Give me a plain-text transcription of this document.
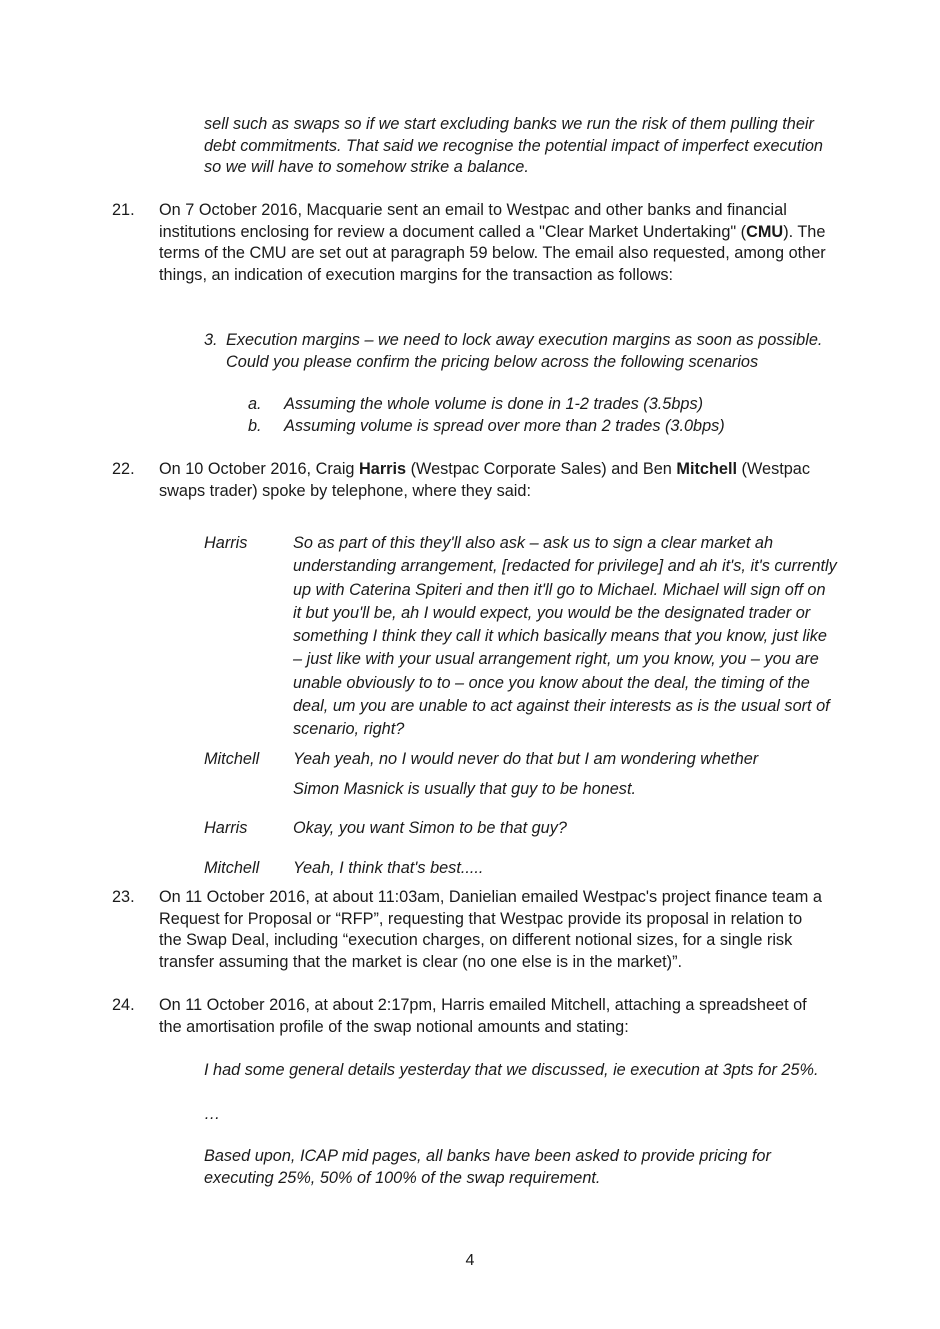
sell such as swaps so if we start excluding banks we run the risk of them pulling their debt commitments. That said we recognise the potential impact of imperfect execution so we will have to somehow strike a balance.
21.	On 7 October 2016, Macquarie sent an email to Westpac and other banks and financial institutions enclosing for review a document called a "Clear Market Undertaking" (CMU). The terms of the CMU are set out at paragraph 59 below. The email also requested, among other things, an indication of execution margins for the transaction as follows:
3. Execution margins – we need to lock away execution margins as soon as possible. Could you please confirm the pricing below across the following scenarios
a. Assuming the whole volume is done in 1-2 trades (3.5bps)
b. Assuming volume is spread over more than 2 trades (3.0bps)
22.	On 10 October 2016, Craig Harris (Westpac Corporate Sales) and Ben Mitchell (Westpac swaps trader) spoke by telephone, where they said:
Harris	So as part of this they'll also ask – ask us to sign a clear market ah understanding arrangement, [redacted for privilege] and ah it's, it's currently up with Caterina Spiteri and then it'll go to Michael. Michael will sign off on it but you'll be, ah I would expect, you would be the designated trader or something I think they call it which basically means that you know, just like – just like with your usual arrangement right, um you know, you – you are unable obviously to to – once you know about the deal, the timing of the deal, um you are unable to act against their interests as is the usual sort of scenario, right?
Mitchell	Yeah yeah, no I would never do that but I am wondering whether
Simon Masnick is usually that guy to be honest.
Harris	Okay, you want Simon to be that guy?
Mitchell	Yeah, I think that's best.....
23.	On 11 October 2016, at about 11:03am, Danielian emailed Westpac's project finance team a Request for Proposal or “RFP”, requesting that Westpac provide its proposal in relation to the Swap Deal, including “execution charges, on different notional sizes, for a single risk transfer assuming that the market is clear (no one else is in the market)”.
24.	On 11 October 2016, at about 2:17pm, Harris emailed Mitchell, attaching a spreadsheet of the amortisation profile of the swap notional amounts and stating:
I had some general details yesterday that we discussed, ie execution at 3pts for 25%.
…
Based upon, ICAP mid pages, all banks have been asked to provide pricing for executing 25%, 50% of 100% of the swap requirement.
4
